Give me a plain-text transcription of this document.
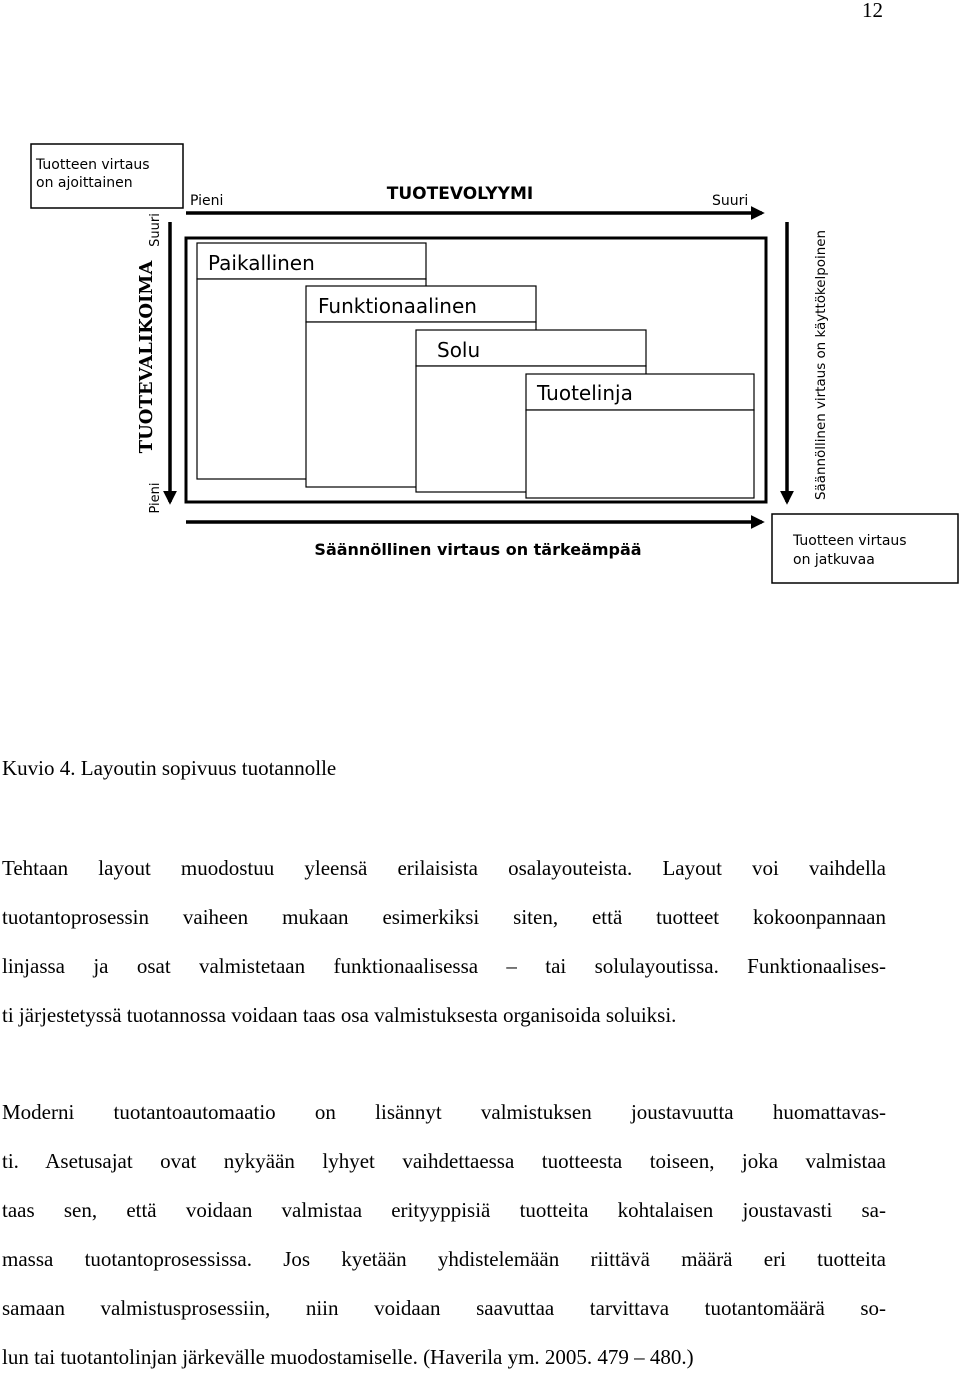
12
Tuotteen virtaus
on ajoittainen
TUOTEVOLYYMI
Pieni	Suuri
TUOTEVALIKOIMA
Suuri
Pieni
Paikallinen
Funktionaalinen
Solu
Tuotelinja	Säännöllinen virtaus on käyttökelpoinen
Säännöllinen virtaus on tärkeämpää	Tuotteen virtaus
on jatkuvaa
Kuvio 4. Layoutin sopivuus tuotannolle
Tehtaan layout muodostuu yleensä erilaisista osalayouteista. Layout voi vaihdella
tuotantoprosessin vaiheen mukaan esimerkiksi siten, että tuotteet kokoonpannaan
linjassa ja osat valmistetaan funktionaalisessa – tai solulayoutissa. Funktionaalises-
ti järjestetyssä tuotannossa voidaan taas osa valmistuksesta organisoida soluiksi.
Moderni tuotantoautomaatio on lisännyt valmistuksen joustavuutta huomattavas-
ti. Asetusajat ovat nykyään lyhyet vaihdettaessa tuotteesta toiseen, joka valmistaa
taas sen, että voidaan valmistaa erityyppisiä tuotteita kohtalaisen joustavasti sa-
massa tuotantoprosessissa. Jos kyetään yhdistelemään riittävä määrä eri tuotteita
samaan valmistusprosessiin, niin voidaan saavuttaa tarvittava tuotantomäärä so-
lun tai tuotantolinjan järkevälle muodostamiselle. (Haverila ym. 2005. 479 – 480.)
